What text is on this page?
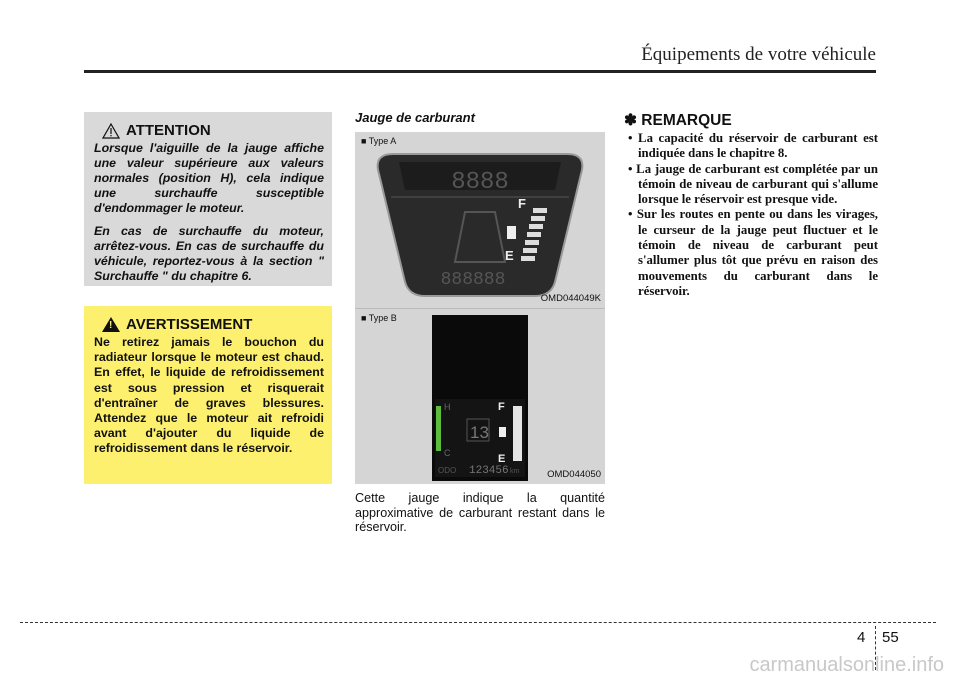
Équipements de votre véhicule
ATTENTION

Lorsque l'aiguille de la jauge affiche une valeur supérieure aux valeurs normales (position H), cela indique une surchauffe susceptible d'endommager le moteur.

En cas de surchauffe du moteur, arrêtez-vous. En cas de surchauffe du véhicule, reportez-vous à la section " Surchauffe " du chapitre 6.

!
AVERTISSEMENT

Ne retirez jamais le bouchon du radiateur lorsque le moteur est chaud. En effet, le liquide de refroidissement est sous pression et risquerait d'entraîner de graves blessures. Attendez que le moteur ait refroidi avant d'ajouter du liquide de refroidissement dans le réservoir.

Jauge de carburant
■ Type A
8888
F
E
888888
OMD044049K
■ Type B
H
C
13
F
E
ODO 123456 km	OMD044050
Cette jauge indique la quantité approximative de carburant restant dans le réservoir.
✽ REMARQUE
• La capacité du réservoir de carburant est indiquée dans le chapitre 8.
• La jauge de carburant est complétée par un témoin de niveau de carburant qui s'allume lorsque le réservoir est presque vide.
• Sur les routes en pente ou dans les virages, le curseur de la jauge peut fluctuer et le témoin de niveau de carburant peut s'allumer plus tôt que prévu en raison des mouvements du carburant dans le réservoir.
4 55
carmanualsonline.info
